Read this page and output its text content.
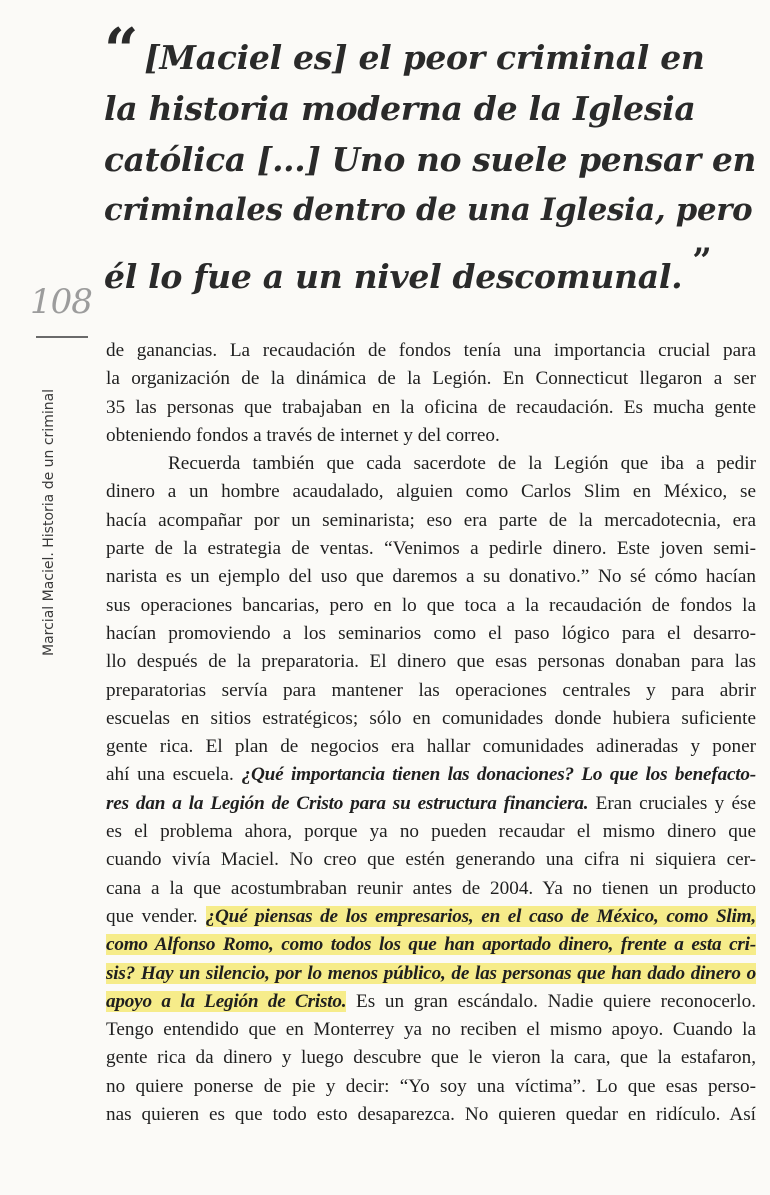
“ [Maciel es] el peor criminal en
la historia moderna de la Iglesia
católica [...] Uno no suele pensar en
criminales dentro de una Iglesia, pero
él lo fue a un nivel descomunal. ”
108
Marcial Maciel. Historia de un criminal
de ganancias. La recaudación de fondos tenía una importancia crucial para
la organización de la dinámica de la Legión. En Connecticut llegaron a ser
35 las personas que trabajaban en la oficina de recaudación. Es mucha gente
obteniendo fondos a través de internet y del correo.
Recuerda también que cada sacerdote de la Legión que iba a pedir
dinero a un hombre acaudalado, alguien como Carlos Slim en México, se
hacía acompañar por un seminarista; eso era parte de la mercadotecnia, era
parte de la estrategia de ventas. “Venimos a pedirle dinero. Este joven semi-
narista es un ejemplo del uso que daremos a su donativo.” No sé cómo hacían
sus operaciones bancarias, pero en lo que toca a la recaudación de fondos la
hacían promoviendo a los seminarios como el paso lógico para el desarro-
llo después de la preparatoria. El dinero que esas personas donaban para las
preparatorias servía para mantener las operaciones centrales y para abrir
escuelas en sitios estratégicos; sólo en comunidades donde hubiera suficiente
gente rica. El plan de negocios era hallar comunidades adineradas y poner
ahí una escuela. ¿Qué importancia tienen las donaciones? Lo que los benefacto-
res dan a la Legión de Cristo para su estructura financiera. Eran cruciales y ése
es el problema ahora, porque ya no pueden recaudar el mismo dinero que
cuando vivía Maciel. No creo que estén generando una cifra ni siquiera cer-
cana a la que acostumbraban reunir antes de 2004. Ya no tienen un producto
que vender. ¿Qué piensas de los empresarios, en el caso de México, como Slim,
como Alfonso Romo, como todos los que han aportado dinero, frente a esta cri-
sis? Hay un silencio, por lo menos público, de las personas que han dado dinero o
apoyo a la Legión de Cristo. Es un gran escándalo. Nadie quiere reconocerlo.
Tengo entendido que en Monterrey ya no reciben el mismo apoyo. Cuando la
gente rica da dinero y luego descubre que le vieron la cara, que la estafaron,
no quiere ponerse de pie y decir: “Yo soy una víctima”. Lo que esas perso-
nas quieren es que todo esto desaparezca. No quieren quedar en ridículo. Así
